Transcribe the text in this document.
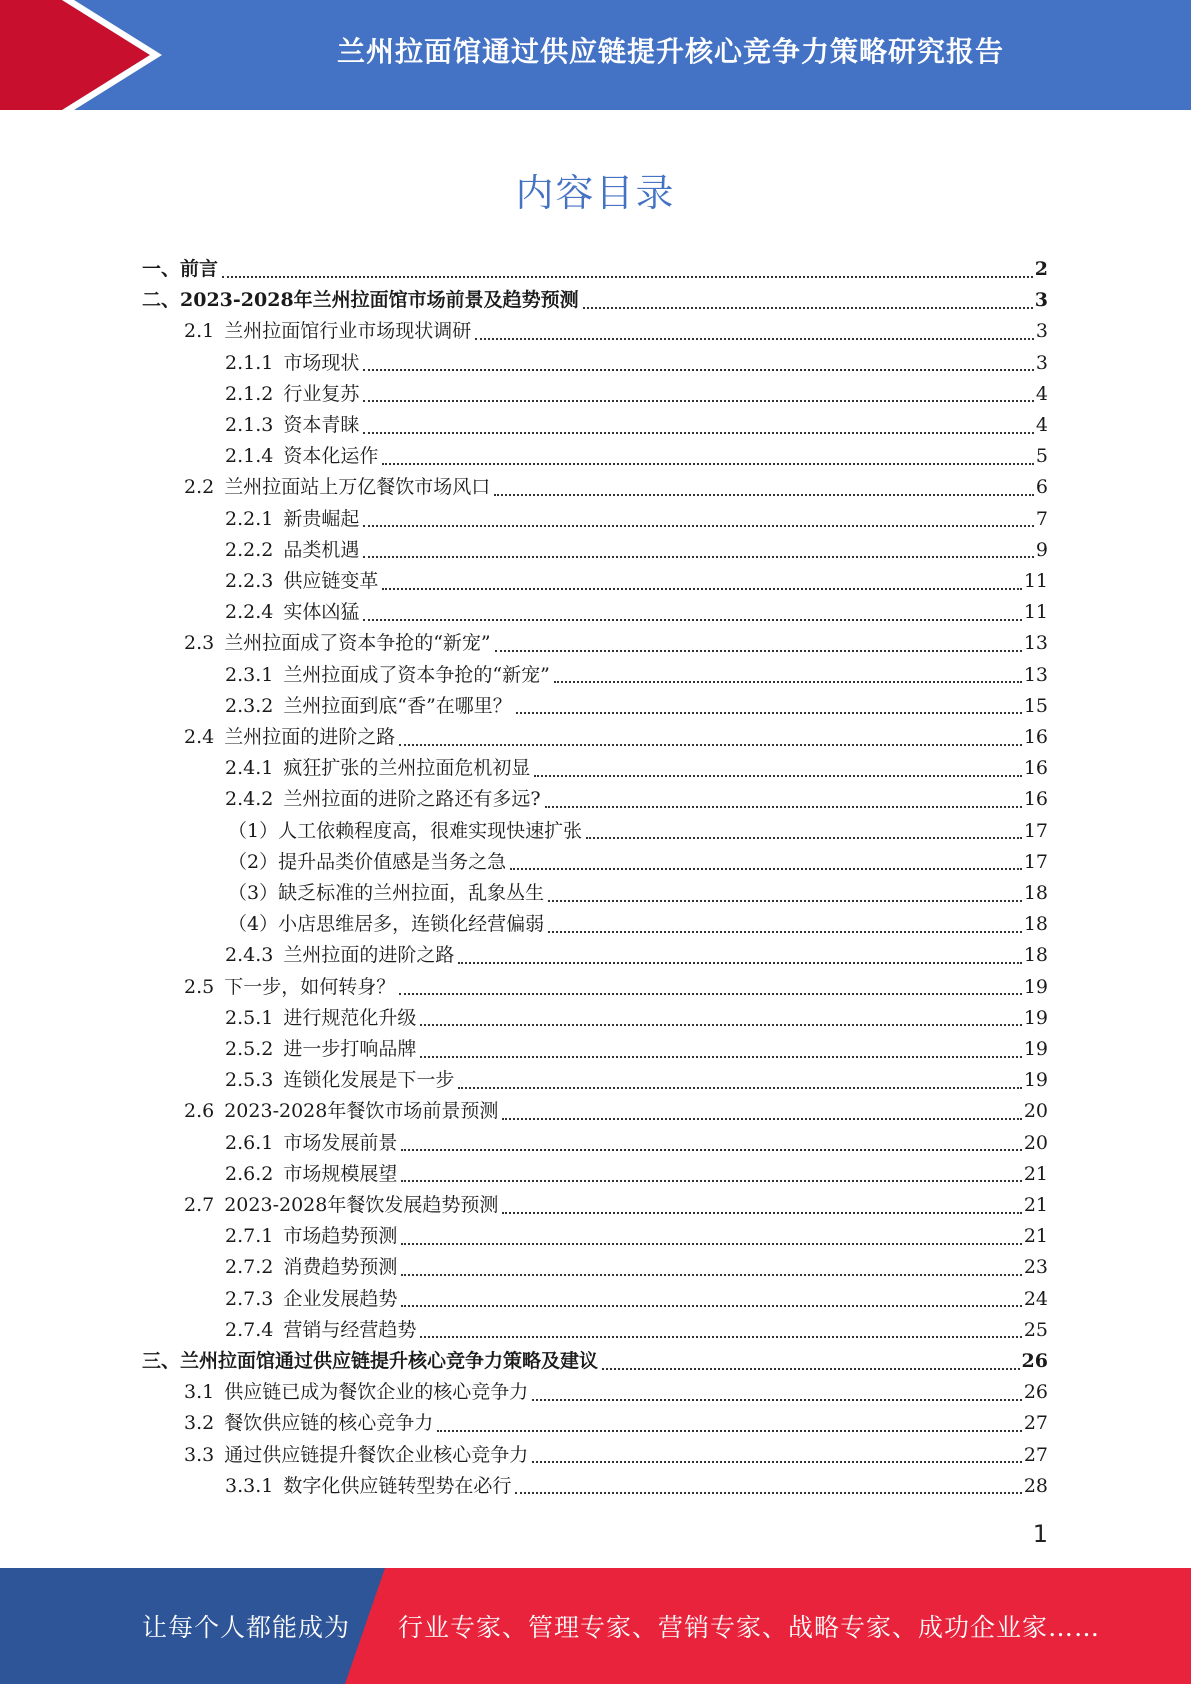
兰州拉面馆通过供应链提升核心竞争力策略研究报告
内容目录
一、 前言	2
二、 2023-2028年兰州拉面馆市场前景及趋势预测	3
2.1 兰州拉面馆行业市场现状调研	3
2.1.1 市场现状	3
2.1.2 行业复苏	4
2.1.3 资本青睐	4
2.1.4 资本化运作	5
2.2 兰州拉面站上万亿餐饮市场风口	6
2.2.1 新贵崛起	7
2.2.2 品类机遇	9
2.2.3 供应链变革	11
2.2.4 实体凶猛	11
2.3 兰州拉面成了资本争抢的“新宠”	13
2.3.1 兰州拉面成了资本争抢的“新宠”	13
2.3.2 兰州拉面到底“香”在哪里？	15
2.4 兰州拉面的进阶之路	16
2.4.1 疯狂扩张的兰州拉面危机初显	16
2.4.2 兰州拉面的进阶之路还有多远?	16
（1） 人工依赖程度高，很难实现快速扩张	17
（2） 提升品类价值感是当务之急	17
（3） 缺乏标准的兰州拉面，乱象丛生	18
（4） 小店思维居多，连锁化经营偏弱	18
2.4.3 兰州拉面的进阶之路	18
2.5 下一步，如何转身？	19
2.5.1 进行规范化升级	19
2.5.2 进一步打响品牌	19
2.5.3 连锁化发展是下一步	19
2.6 2023-2028年餐饮市场前景预测	20
2.6.1 市场发展前景	20
2.6.2 市场规模展望	21
2.7 2023-2028年餐饮发展趋势预测	21
2.7.1 市场趋势预测	21
2.7.2 消费趋势预测	23
2.7.3 企业发展趋势	24
2.7.4 营销与经营趋势	25
三、 兰州拉面馆通过供应链提升核心竞争力策略及建议	26
3.1 供应链已成为餐饮企业的核心竞争力	26
3.2 餐饮供应链的核心竞争力	27
3.3 通过供应链提升餐饮企业核心竞争力	27
3.3.1 数字化供应链转型势在必行	28
1
让每个人都能成为 行业专家、管理专家、营销专家、战略专家、成功企业家……
